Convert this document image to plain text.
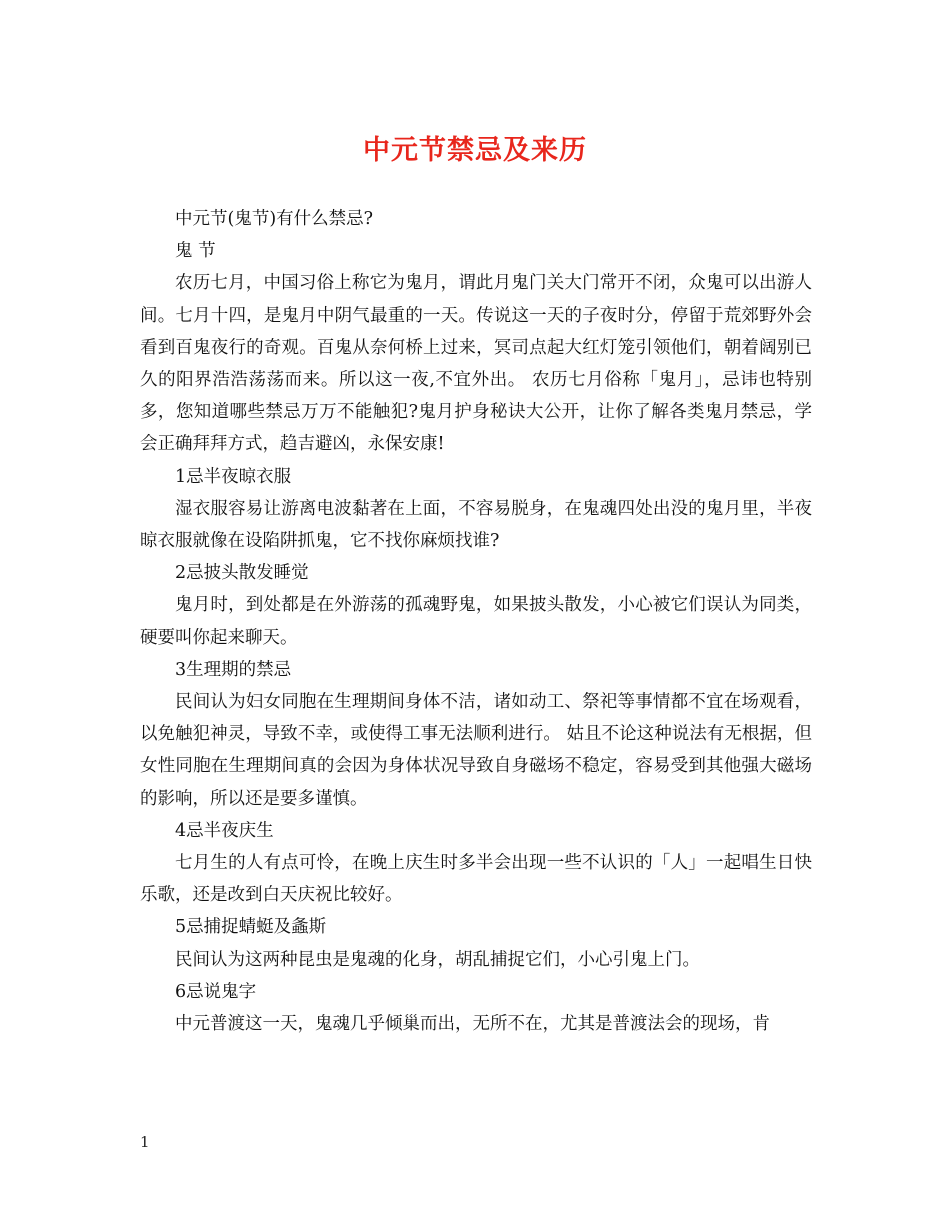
中元节禁忌及来历

中元节(鬼节)有什么禁忌?

鬼 节

农历七月，中国习俗上称它为鬼月，谓此月鬼门关大门常开不闭，众鬼可以出游人间。七月十四，是鬼月中阴气最重的一天。传说这一天的子夜时分，停留于荒郊野外会看到百鬼夜行的奇观。百鬼从奈何桥上过来，冥司点起大红灯笼引领他们，朝着阔别已久的阳界浩浩荡荡而来。所以这一夜,不宜外出。 农历七月俗称「鬼月」，忌讳也特别多，您知道哪些禁忌万万不能触犯?鬼月护身秘诀大公开，让你了解各类鬼月禁忌，学会正确拜拜方式，趋吉避凶，永保安康!

1忌半夜晾衣服

湿衣服容易让游离电波黏著在上面，不容易脱身，在鬼魂四处出没的鬼月里，半夜晾衣服就像在设陷阱抓鬼，它不找你麻烦找谁?

2忌披头散发睡觉

鬼月时，到处都是在外游荡的孤魂野鬼，如果披头散发，小心被它们误认为同类，硬要叫你起来聊天。

3生理期的禁忌

民间认为妇女同胞在生理期间身体不洁，诸如动工、祭祀等事情都不宜在场观看，以免触犯神灵，导致不幸，或使得工事无法顺利进行。 姑且不论这种说法有无根据，但女性同胞在生理期间真的会因为身体状况导致自身磁场不稳定，容易受到其他强大磁场的影响，所以还是要多谨慎。

4忌半夜庆生

七月生的人有点可怜，在晚上庆生时多半会出现一些不认识的「人」一起唱生日快乐歌，还是改到白天庆祝比较好。

5忌捕捉蜻蜓及螽斯

民间认为这两种昆虫是鬼魂的化身，胡乱捕捉它们，小心引鬼上门。

6忌说鬼字

中元普渡这一天，鬼魂几乎倾巢而出，无所不在，尤其是普渡法会的现场，肯

1
